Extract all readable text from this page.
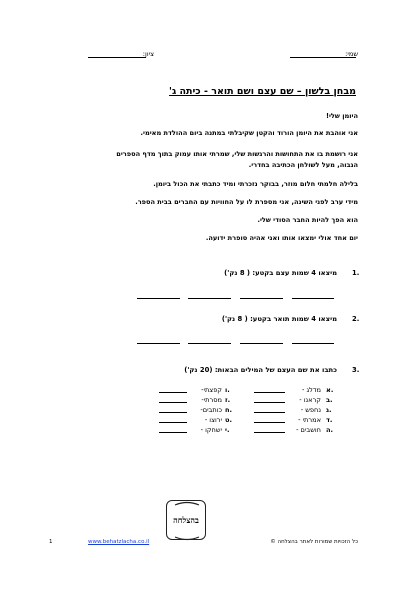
שמי:
ציון:
מבחן בלשון – שם עצם ושם תואר - כיתה ג'
היומן שלי!
אני אוהבת את היומן הורוד והקטן שקיבלתי במתנה ביום ההולדת מאימי.
אני רושמת בו את התחושות והרגשות שלי, שמרתי אותו עמוק בתוך מדף הספרים
הגבוה, מעל לשולחן הכתיבה בחדרי.
בלילה חלמתי חלום מוזר, בבוקר נזכרתי ומיד כתבתי את הכול ביומן.
מידי ערב לפני השינה, אני מספרת לו על החוויות עם החברים בבית הספר.
הוא הפך להיות החבר הסודי שלי.
יום אחד אולי ימצאו אותו ואני אהיה סופרת ידועה.
1.
מיצאו 4 שמות עצם בקטע: ( 8 נק')
2.
מיצאו 4 שמות תואר בקטע: ( 8 נק')
3.
כתבו את שם העצם של המילים הבאות: (20 נק')
א.
מדלג -
ב.
קראנו -
ג.
נחפש -
ד.
אמרתי -
ה.
חושבים -
ו.
קפצתי-
ז.
מסרתי-
ח.
כותבים-
ט.
ירוצו -
י.
ישחקו -
בהצלחה
1	www.behatzlacha.co.il	כל הזכויות שמורות לאתר בהצלחה ©
